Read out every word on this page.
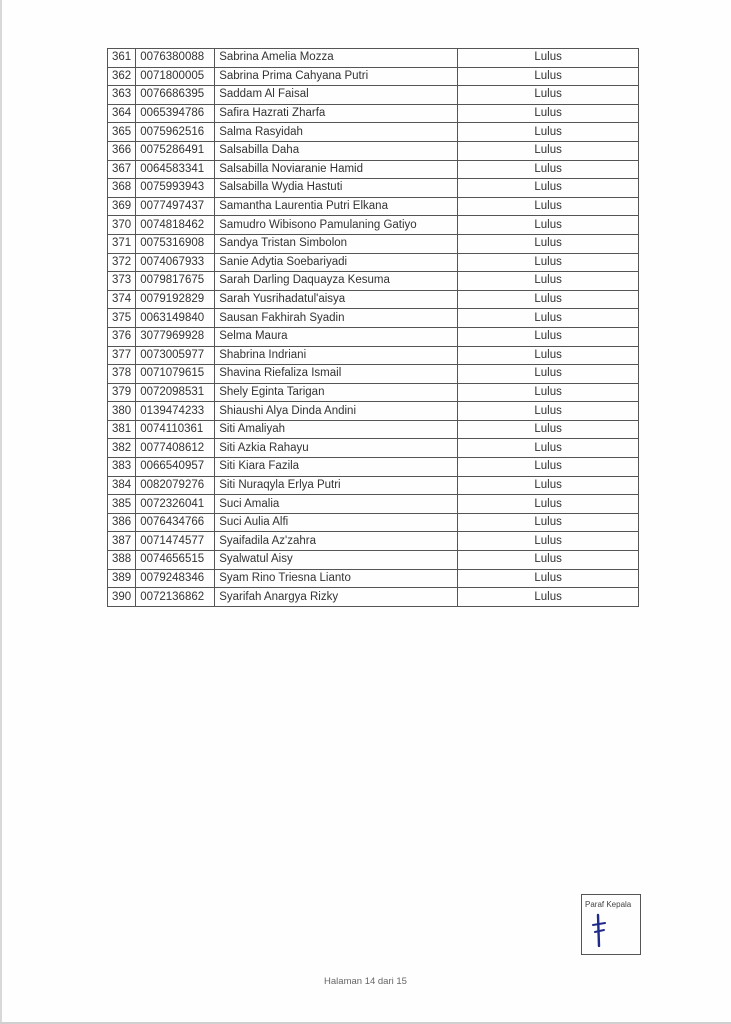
361	0076380088	Sabrina Amelia Mozza	Lulus
362	0071800005	Sabrina Prima Cahyana Putri	Lulus
363	0076686395	Saddam Al Faisal	Lulus
364	0065394786	Safira Hazrati Zharfa	Lulus
365	0075962516	Salma Rasyidah	Lulus
366	0075286491	Salsabilla Daha	Lulus
367	0064583341	Salsabilla Noviaranie Hamid	Lulus
368	0075993943	Salsabilla Wydia Hastuti	Lulus
369	0077497437	Samantha Laurentia Putri Elkana	Lulus
370	0074818462	Samudro Wibisono Pamulaning Gatiyo	Lulus
371	0075316908	Sandya Tristan Simbolon	Lulus
372	0074067933	Sanie Adytia Soebariyadi	Lulus
373	0079817675	Sarah Darling Daquayza Kesuma	Lulus
374	0079192829	Sarah Yusrihadatul'aisya	Lulus
375	0063149840	Sausan Fakhirah Syadin	Lulus
376	3077969928	Selma Maura	Lulus
377	0073005977	Shabrina Indriani	Lulus
378	0071079615	Shavina Riefaliza Ismail	Lulus
379	0072098531	Shely Eginta Tarigan	Lulus
380	0139474233	Shiaushi Alya Dinda Andini	Lulus
381	0074110361	Siti Amaliyah	Lulus
382	0077408612	Siti Azkia Rahayu	Lulus
383	0066540957	Siti Kiara Fazila	Lulus
384	0082079276	Siti Nuraqyla Erlya Putri	Lulus
385	0072326041	Suci Amalia	Lulus
386	0076434766	Suci Aulia Alfi	Lulus
387	0071474577	Syaifadila Az'zahra	Lulus
388	0074656515	Syalwatul Aisy	Lulus
389	0079248346	Syam Rino Triesna Lianto	Lulus
390	0072136862	Syarifah Anargya Rizky	Lulus
Paraf Kepala
Halaman 14 dari 15
